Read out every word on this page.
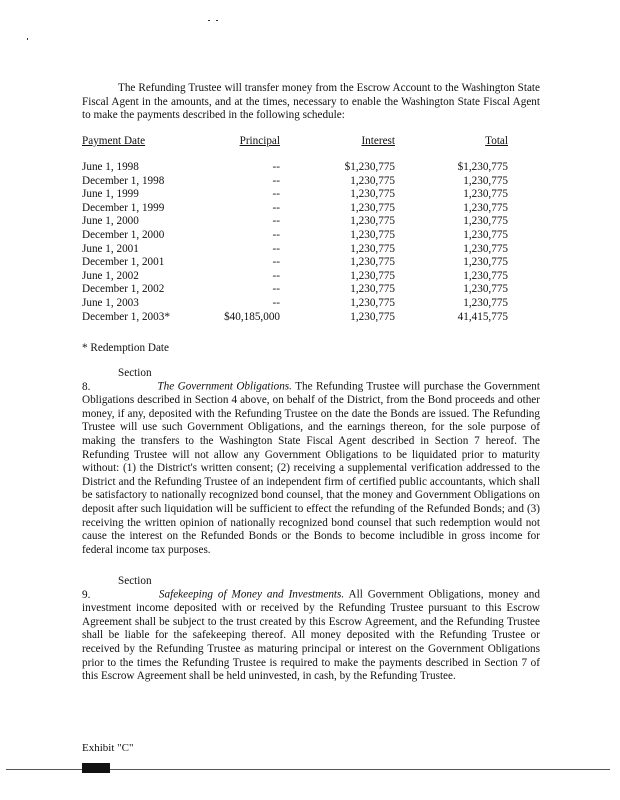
The Refunding Trustee will transfer money from the Escrow Account to the Washington State Fiscal Agent in the amounts, and at the times, necessary to enable the Washington State Fiscal Agent to make the payments described in the following schedule:

Payment Date	Principal	Interest	Total
June 1, 1998	--	$1,230,775	$1,230,775
December 1, 1998	--	1,230,775	1,230,775
June 1, 1999	--	1,230,775	1,230,775
December 1, 1999	--	1,230,775	1,230,775
June 1, 2000	--	1,230,775	1,230,775
December 1, 2000	--	1,230,775	1,230,775
June 1, 2001	--	1,230,775	1,230,775
December 1, 2001	--	1,230,775	1,230,775
June 1, 2002	--	1,230,775	1,230,775
December 1, 2002	--	1,230,775	1,230,775
June 1, 2003	--	1,230,775	1,230,775
December 1, 2003*	$40,185,000	1,230,775	41,415,775
* Redemption Date

Section 8.	The Government Obligations. The Refunding Trustee will purchase the Government Obligations described in Section 4 above, on behalf of the District, from the Bond proceeds and other money, if any, deposited with the Refunding Trustee on the date the Bonds are issued. The Refunding Trustee will use such Government Obligations, and the earnings thereon, for the sole purpose of making the transfers to the Washington State Fiscal Agent described in Section 7 hereof. The Refunding Trustee will not allow any Government Obligations to be liquidated prior to maturity without: (1) the District's written consent; (2) receiving a supplemental verification addressed to the District and the Refunding Trustee of an independent firm of certified public accountants, which shall be satisfactory to nationally recognized bond counsel, that the money and Government Obligations on deposit after such liquidation will be sufficient to effect the refunding of the Refunded Bonds; and (3) receiving the written opinion of nationally recognized bond counsel that such redemption would not cause the interest on the Refunded Bonds or the Bonds to become includible in gross income for federal income tax purposes.

Section 9.	Safekeeping of Money and Investments. All Government Obligations, money and investment income deposited with or received by the Refunding Trustee pursuant to this Escrow Agreement shall be subject to the trust created by this Escrow Agreement, and the Refunding Trustee shall be liable for the safekeeping thereof. All money deposited with the Refunding Trustee or received by the Refunding Trustee as maturing principal or interest on the Government Obligations prior to the times the Refunding Trustee is required to make the payments described in Section 7 of this Escrow Agreement shall be held uninvested, in cash, by the Refunding Trustee.

Exhibit "C"
